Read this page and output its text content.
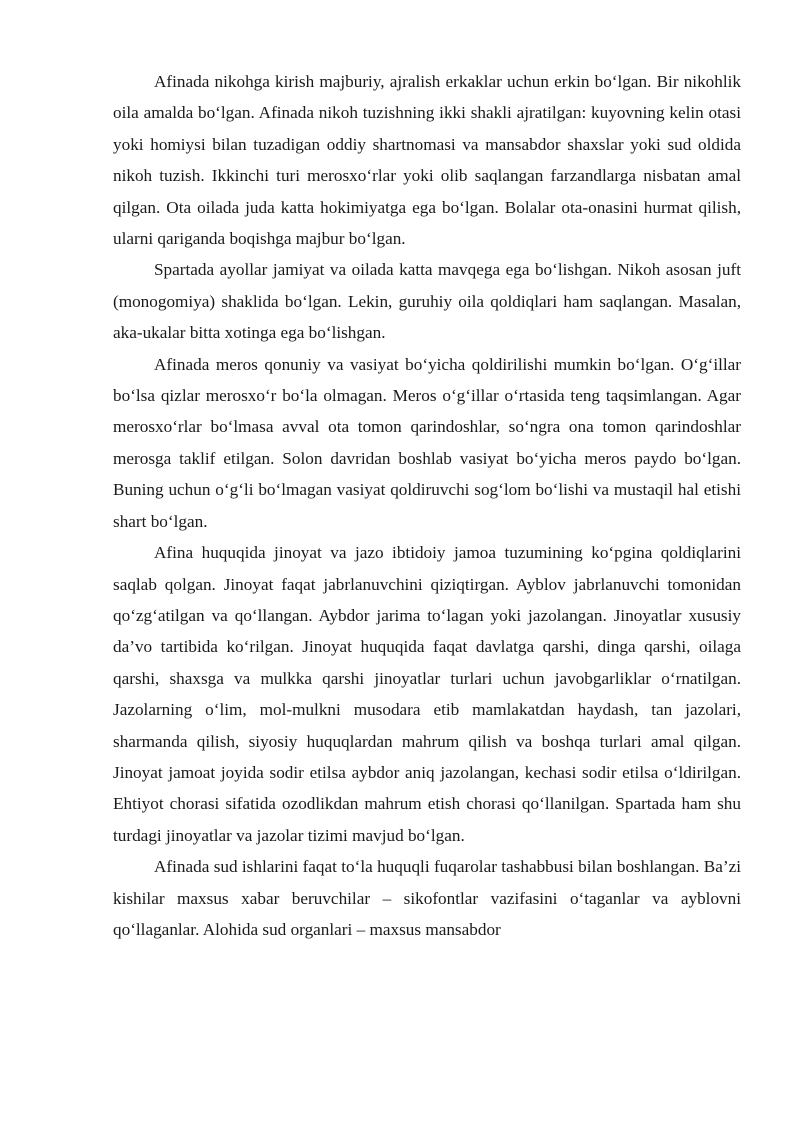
Afinada nikohga kirish majburiy, ajralish erkaklar uchun erkin bo‘lgan. Bir nikohlik oila amalda bo‘lgan. Afinada nikoh tuzishning ikki shakli ajratilgan: kuyovning kelin otasi yoki homiysi bilan tuzadigan oddiy shartnomasi va mansabdor shaxslar yoki sud oldida nikoh tuzish. Ikkinchi turi merosxo‘rlar yoki olib saqlangan farzandlarga nisbatan amal qilgan. Ota oilada juda katta hokimiyatga ega bo‘lgan. Bolalar ota-onasini hurmat qilish, ularni qariganda boqishga majbur bo‘lgan.

Spartada ayollar jamiyat va oilada katta mavqega ega bo‘lishgan. Nikoh asosan juft (monogomiya) shaklida bo‘lgan. Lekin, guruhiy oila qoldiqlari ham saqlangan. Masalan, aka-ukalar bitta xotinga ega bo‘lishgan.

Afinada meros qonuniy va vasiyat bo‘yicha qoldirilishi mumkin bo‘lgan. O‘g‘illar bo‘lsa qizlar merosxo‘r bo‘la olmagan. Meros o‘g‘illar o‘rtasida teng taqsimlangan. Agar merosxo‘rlar bo‘lmasa avval ota tomon qarindoshlar, so‘ngra ona tomon qarindoshlar merosga taklif etilgan. Solon davridan boshlab vasiyat bo‘yicha meros paydo bo‘lgan. Buning uchun o‘g‘li bo‘lmagan vasiyat qoldiruvchi sog‘lom bo‘lishi va mustaqil hal etishi shart bo‘lgan.

Afina huquqida jinoyat va jazo ibtidoiy jamoa tuzumining ko‘pgina qoldiqlarini saqlab qolgan. Jinoyat faqat jabrlanuvchini qiziqtirgan. Ayblov jabrlanuvchi tomonidan qo‘zg‘atilgan va qo‘llangan. Aybdor jarima to‘lagan yoki jazolangan. Jinoyatlar xususiy da’vo tartibida ko‘rilgan. Jinoyat huquqida faqat davlatga qarshi, dinga qarshi, oilaga qarshi, shaxsga va mulkka qarshi jinoyatlar turlari uchun javobgarliklar o‘rnatilgan. Jazolarning o‘lim, mol-mulkni musodara etib mamlakatdan haydash, tan jazolari, sharmanda qilish, siyosiy huquqlardan mahrum qilish va boshqa turlari amal qilgan. Jinoyat jamoat joyida sodir etilsa aybdor aniq jazolangan, kechasi sodir etilsa o‘ldirilgan. Ehtiyot chorasi sifatida ozodlikdan mahrum etish chorasi qo‘llanilgan. Spartada ham shu turdagi jinoyatlar va jazolar tizimi mavjud bo‘lgan.

Afinada sud ishlarini faqat to‘la huquqli fuqarolar tashabbusi bilan boshlangan. Ba’zi kishilar maxsus xabar beruvchilar – sikofontlar vazifasini o‘taganlar va ayblovni qo‘llaganlar. Alohida sud organlari – maxsus mansabdor
